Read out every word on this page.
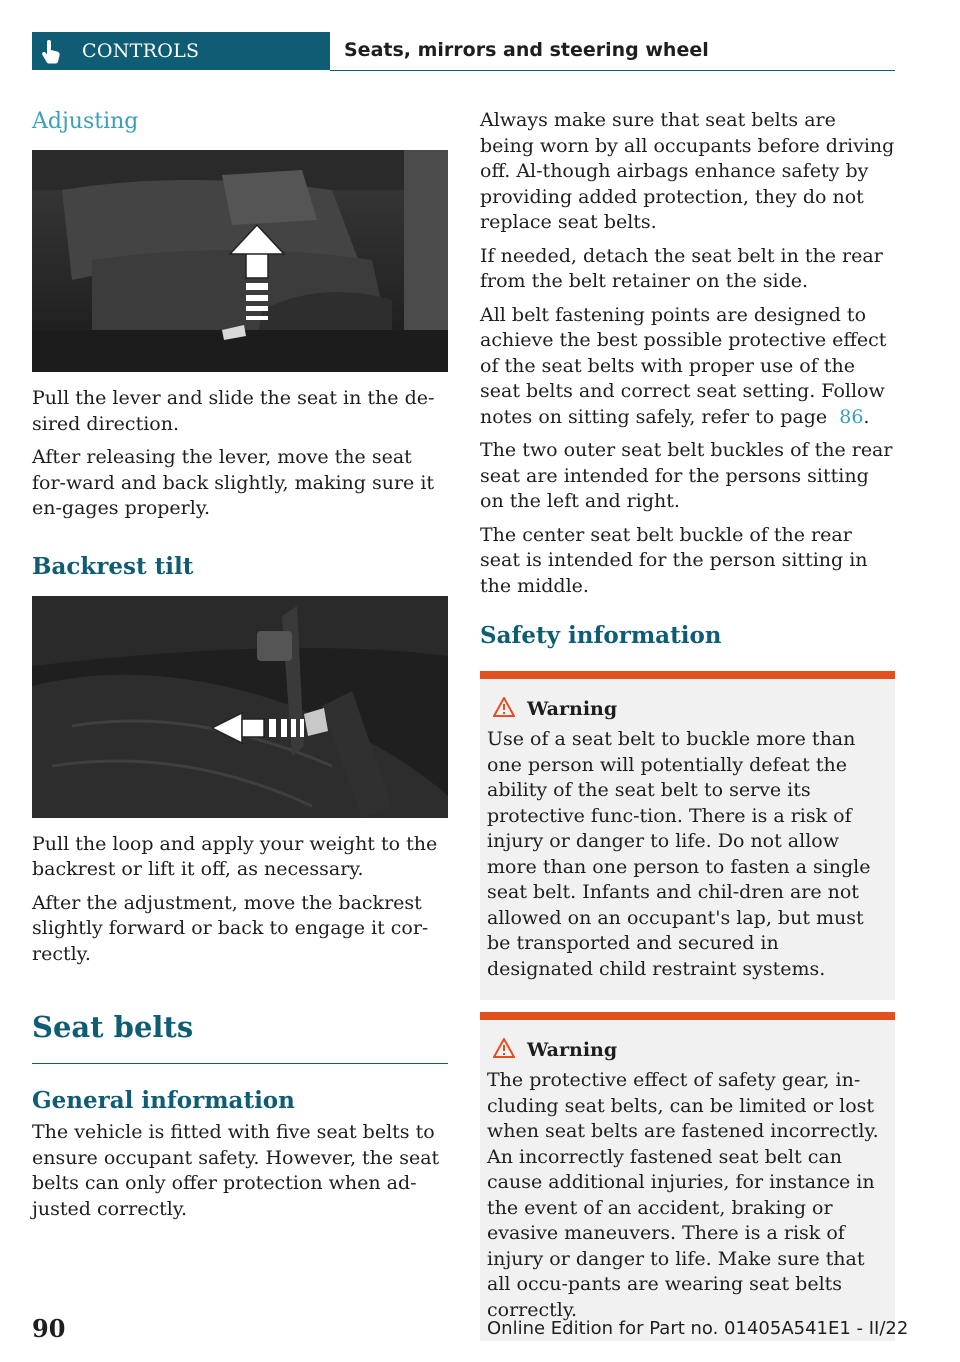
CONTROLS	Seats, mirrors and steering wheel
Adjusting

Pull the lever and slide the seat in the de-sired direction.

After releasing the lever, move the seat for-ward and back slightly, making sure it en-gages properly.

Backrest tilt

Pull the loop and apply your weight to the backrest or lift it off, as necessary.

After the adjustment, move the backrest slightly forward or back to engage it cor-rectly.

Seat belts
General information

The vehicle is fitted with five seat belts to ensure occupant safety. However, the seat belts can only offer protection when ad-justed correctly.

Always make sure that seat belts are being worn by all occupants before driving off. Al-though airbags enhance safety by providing added protection, they do not replace seat belts.

If needed, detach the seat belt in the rear from the belt retainer on the side.

All belt fastening points are designed to achieve the best possible protective effect of the seat belts with proper use of the seat belts and correct seat setting. Follow notes on sitting safely, refer to page 86.

The two outer seat belt buckles of the rear seat are intended for the persons sitting on the left and right.

The center seat belt buckle of the rear seat is intended for the person sitting in the middle.

Safety information
Warning

Use of a seat belt to buckle more than one person will potentially defeat the ability of the seat belt to serve its protective func-tion. There is a risk of injury or danger to life. Do not allow more than one person to fasten a single seat belt. Infants and chil-dren are not allowed on an occupant's lap, but must be transported and secured in designated child restraint systems.

Warning

The protective effect of safety gear, in-cluding seat belts, can be limited or lost when seat belts are fastened incorrectly. An incorrectly fastened seat belt can cause additional injuries, for instance in the event of an accident, braking or evasive maneuvers. There is a risk of injury or danger to life. Make sure that all occu-pants are wearing seat belts correctly.

90	Online Edition for Part no. 01405A541E1 - II/22
